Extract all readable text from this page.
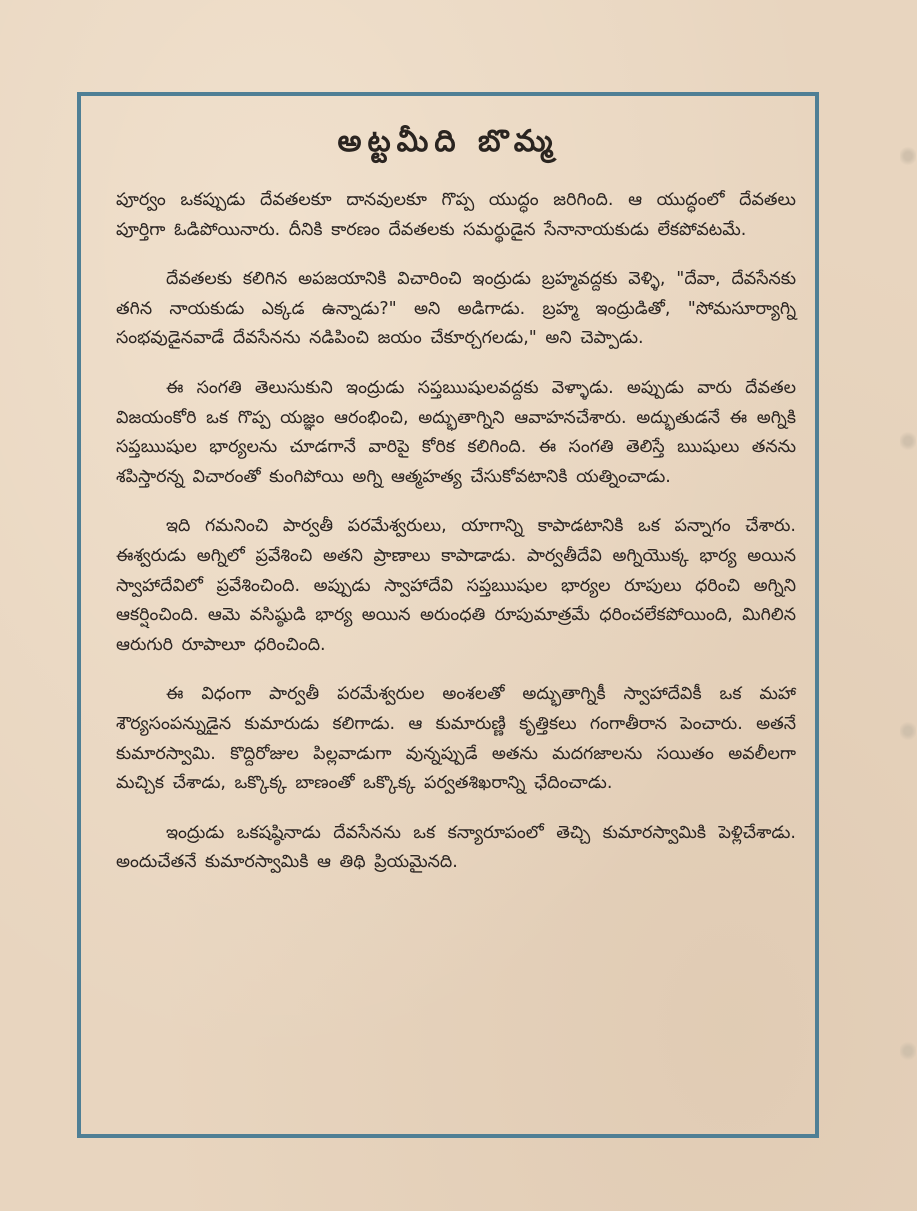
అట్టమీది బొమ్మ

పూర్వం ఒకప్పుడు దేవతలకూ దానవులకూ గొప్ప యుద్ధం జరిగింది. ఆ యుద్ధంలో దేవతలు పూర్తిగా ఓడిపోయినారు. దీనికి కారణం దేవతలకు సమర్థుడైన సేనానాయకుడు లేకపోవటమే.

దేవతలకు కలిగిన అపజయానికి విచారించి ఇంద్రుడు బ్రహ్మవద్దకు వెళ్ళి, "దేవా, దేవసేనకు తగిన నాయకుడు ఎక్కడ ఉన్నాడు?" అని అడిగాడు. బ్రహ్మ ఇంద్రుడితో, "సోమసూర్యాగ్ని సంభవుడైనవాడే దేవసేనను నడిపించి జయం చేకూర్చగలడు," అని చెప్పాడు.

ఈ సంగతి తెలుసుకుని ఇంద్రుడు సప్తఋషులవద్దకు వెళ్ళాడు. అప్పుడు వారు దేవతల విజయంకోరి ఒక గొప్ప యజ్ఞం ఆరంభించి, అద్భుతాగ్నిని ఆవాహనచేశారు. అద్భుతుడనే ఈ అగ్నికి సప్తఋషుల భార్యలను చూడగానే వారిపై కోరిక కలిగింది. ఈ సంగతి తెలిస్తే ఋషులు తనను శపిస్తారన్న విచారంతో కుంగిపోయి అగ్ని ఆత్మహత్య చేసుకోవటానికి యత్నించాడు.

ఇది గమనించి పార్వతీ పరమేశ్వరులు, యాగాన్ని కాపాడటానికి ఒక పన్నాగం చేశారు. ఈశ్వరుడు అగ్నిలో ప్రవేశించి అతని ప్రాణాలు కాపాడాడు. పార్వతీదేవి అగ్నియొక్క భార్య అయిన స్వాహాదేవిలో ప్రవేశించింది. అప్పుడు స్వాహాదేవి సప్తఋషుల భార్యల రూపులు ధరించి అగ్నిని ఆకర్షించింది. ఆమె వసిష్ఠుడి భార్య అయిన అరుంధతి రూపుమాత్రమే ధరించలేకపోయింది, మిగిలిన ఆరుగురి రూపాలూ ధరించింది.

ఈ విధంగా పార్వతీ పరమేశ్వరుల అంశలతో అద్భుతాగ్నికీ స్వాహాదేవికీ ఒక మహా శౌర్యసంపన్నుడైన కుమారుడు కలిగాడు. ఆ కుమారుణ్ణి కృత్తికలు గంగాతీరాన పెంచారు. అతనే కుమారస్వామి. కొద్దిరోజుల పిల్లవాడుగా వున్నప్పుడే అతను మదగజాలను సయితం అవలీలగా మచ్చిక చేశాడు, ఒక్కొక్క బాణంతో ఒక్కొక్క పర్వతశిఖరాన్ని ఛేదించాడు.

ఇంద్రుడు ఒకషష్ఠినాడు దేవసేనను ఒక కన్యారూపంలో తెచ్చి కుమారస్వామికి పెళ్లిచేశాడు. అందుచేతనే కుమారస్వామికి ఆ తిథి ప్రియమైనది.
